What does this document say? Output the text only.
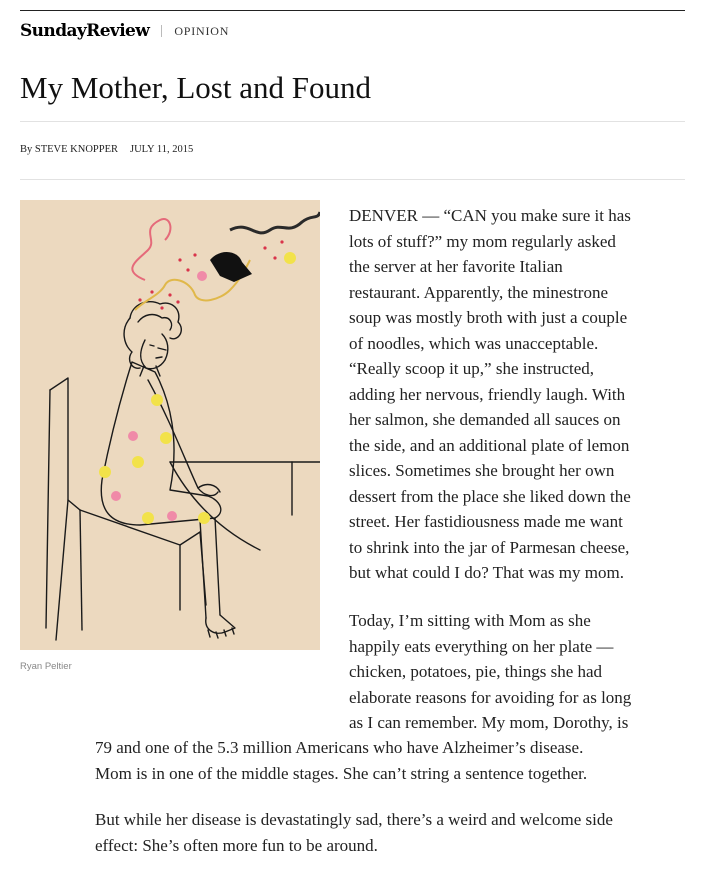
SundayReview OPINION
My Mother, Lost and Found
By STEVE KNOPPER JULY 11, 2015
Ryan Peltier
DENVER — “CAN you make sure it has
lots of stuff?” my mom regularly asked
the server at her favorite Italian
restaurant. Apparently, the minestrone
soup was mostly broth with just a couple
of noodles, which was unacceptable.
“Really scoop it up,” she instructed,
adding her nervous, friendly laugh. With
her salmon, she demanded all sauces on
the side, and an additional plate of lemon
slices. Sometimes she brought her own
dessert from the place she liked down the
street. Her fastidiousness made me want
to shrink into the jar of Parmesan cheese,
but what could I do? That was my mom.
Today, I’m sitting with Mom as she
happily eats everything on her plate —
chicken, potatoes, pie, things she had
elaborate reasons for avoiding for as long
as I can remember. My mom, Dorothy, is
79 and one of the 5.3 million Americans who have Alzheimer’s disease.
Mom is in one of the middle stages. She can’t string a sentence together.
But while her disease is devastatingly sad, there’s a weird and welcome side
effect: She’s often more fun to be around.
